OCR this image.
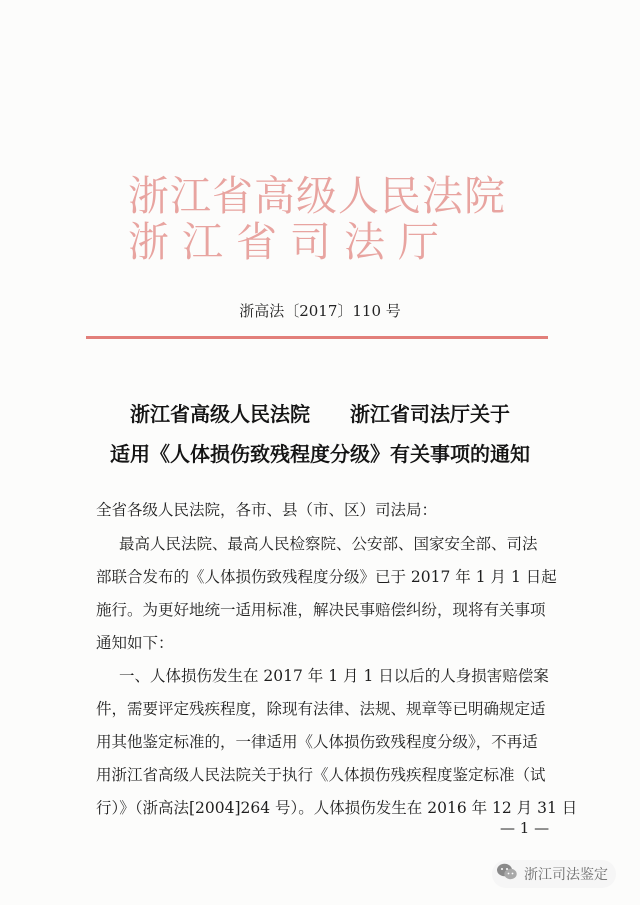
浙江省高级人民法院
浙江省司法厅
浙高法〔2017〕110 号
浙江省高级人民法院　　浙江省司法厅关于
适用《人体损伤致残程度分级》有关事项的通知
全省各级人民法院，各市、县（市、区）司法局：
　　最高人民法院、最高人民检察院、公安部、国家安全部、司法
部联合发布的《人体损伤致残程度分级》已于 2017 年 1 月 1 日起
施行。为更好地统一适用标准，解决民事赔偿纠纷，现将有关事项
通知如下：
　　一、人体损伤发生在 2017 年 1 月 1 日以后的人身损害赔偿案
件，需要评定残疾程度，除现有法律、法规、规章等已明确规定适
用其他鉴定标准的，一律适用《人体损伤致残程度分级》，不再适
用浙江省高级人民法院关于执行《人体损伤残疾程度鉴定标准（试
行）》（浙高法[2004]264 号）。人体损伤发生在 2016 年 12 月 31 日
— 1 —
浙江司法鉴定
